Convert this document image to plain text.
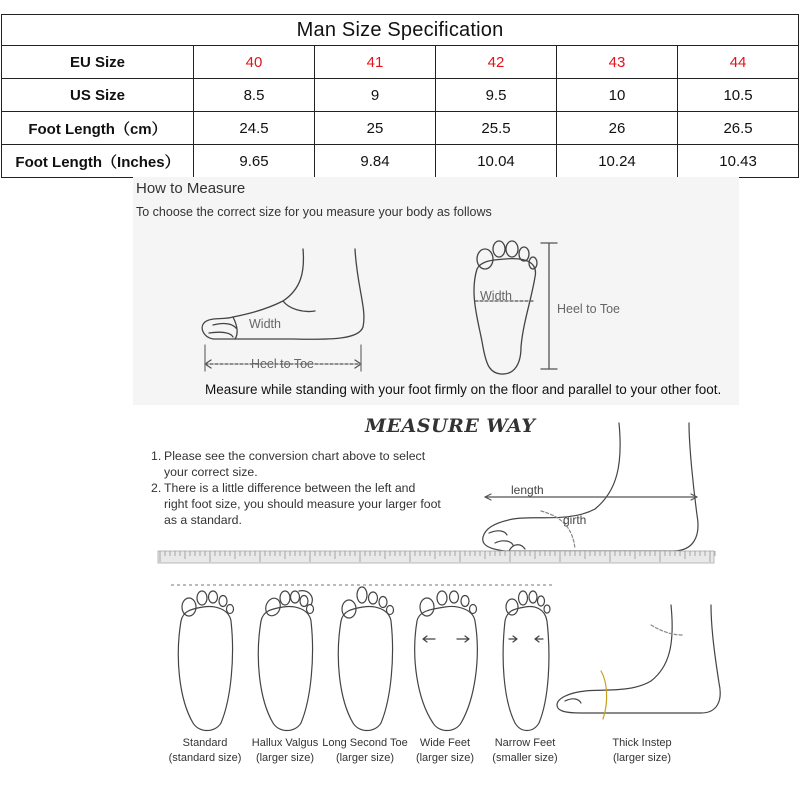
Man Size Specification					
EU Size	40	41	42	43	44
US Size	8.5	9	9.5	10	10.5
Foot Length（cm）	24.5	25	25.5	26	26.5
Foot Length（Inches）	9.65	9.84	10.04	10.24	10.43
How to Measure
To choose the correct size for you measure your body as follows
Width
Heel to Toe
Width
Heel to Toe
Measure while standing with your foot firmly on the floor and parallel to your other foot.
MEASURE WAY
1. Please see the conversion chart above to select your correct size.
2. There is a little difference between the left and right foot size, you should measure your larger foot as a standard.
length
girth
Standard
(standard size)
Hallux Valgus
(larger size)
Long Second Toe
(larger size)
Wide Feet
(larger size)
Narrow Feet
(smaller size)
Thick Instep
(larger size)
